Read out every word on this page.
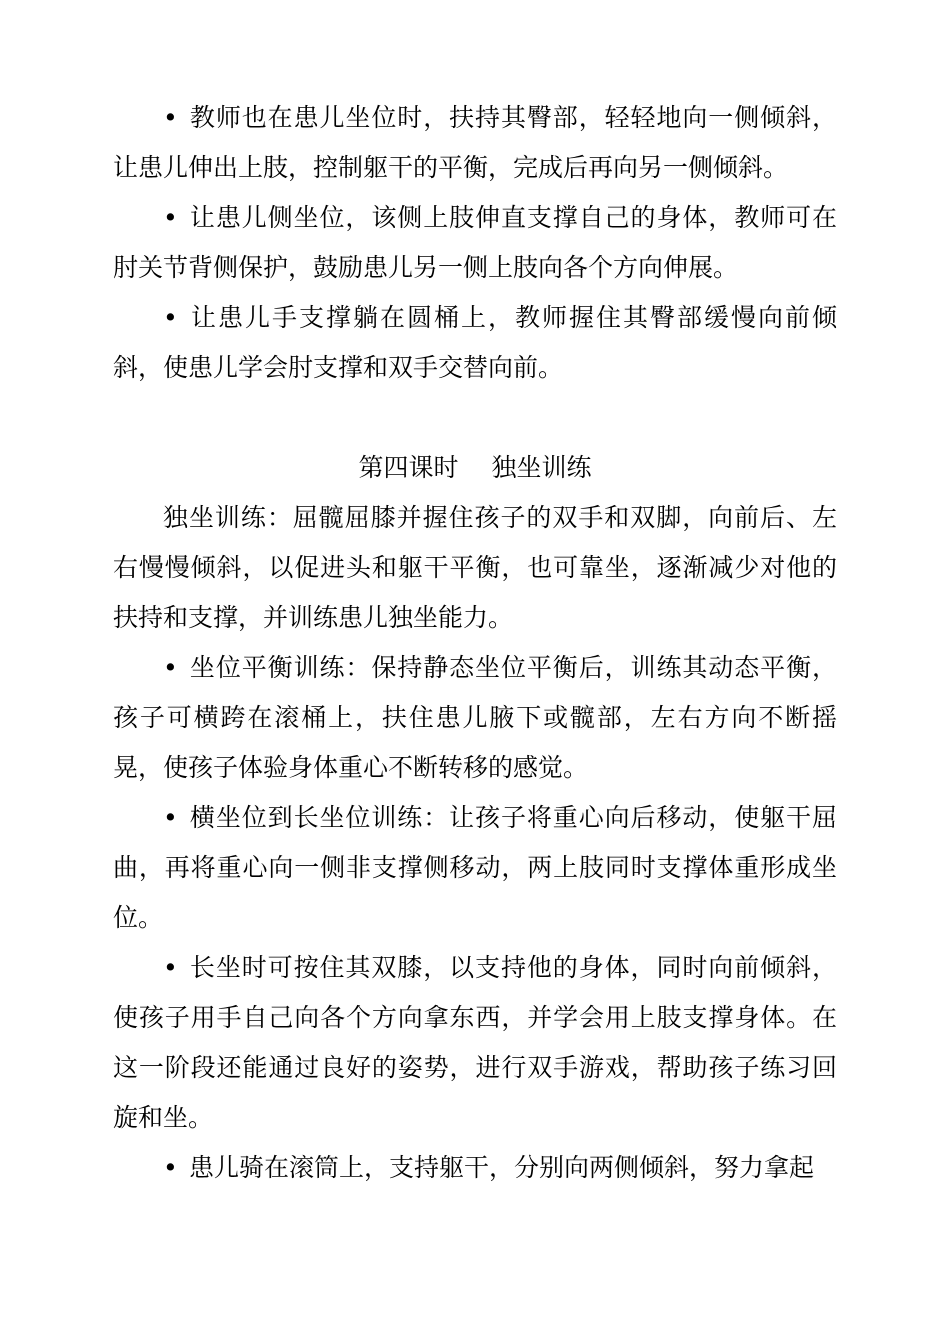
• 教师也在患儿坐位时，扶持其臀部，轻轻地向一侧倾斜，让患儿伸出上肢，控制躯干的平衡，完成后再向另一侧倾斜。

• 让患儿侧坐位，该侧上肢伸直支撑自己的身体，教师可在肘关节背侧保护，鼓励患儿另一侧上肢向各个方向伸展。

• 让患儿手支撑躺在圆桶上，教师握住其臀部缓慢向前倾斜，使患儿学会肘支撑和双手交替向前。

第四课时　 独坐训练

独坐训练：屈髋屈膝并握住孩子的双手和双脚，向前后、左右慢慢倾斜，以促进头和躯干平衡，也可靠坐，逐渐减少对他的扶持和支撑，并训练患儿独坐能力。

• 坐位平衡训练：保持静态坐位平衡后，训练其动态平衡，孩子可横跨在滚桶上，扶住患儿腋下或髋部，左右方向不断摇晃，使孩子体验身体重心不断转移的感觉。

• 横坐位到长坐位训练：让孩子将重心向后移动，使躯干屈曲，再将重心向一侧非支撑侧移动，两上肢同时支撑体重形成坐位。

• 长坐时可按住其双膝，以支持他的身体，同时向前倾斜，使孩子用手自己向各个方向拿东西，并学会用上肢支撑身体。在这一阶段还能通过良好的姿势，进行双手游戏，帮助孩子练习回旋和坐。

• 患儿骑在滚筒上，支持躯干，分别向两侧倾斜，努力拿起
